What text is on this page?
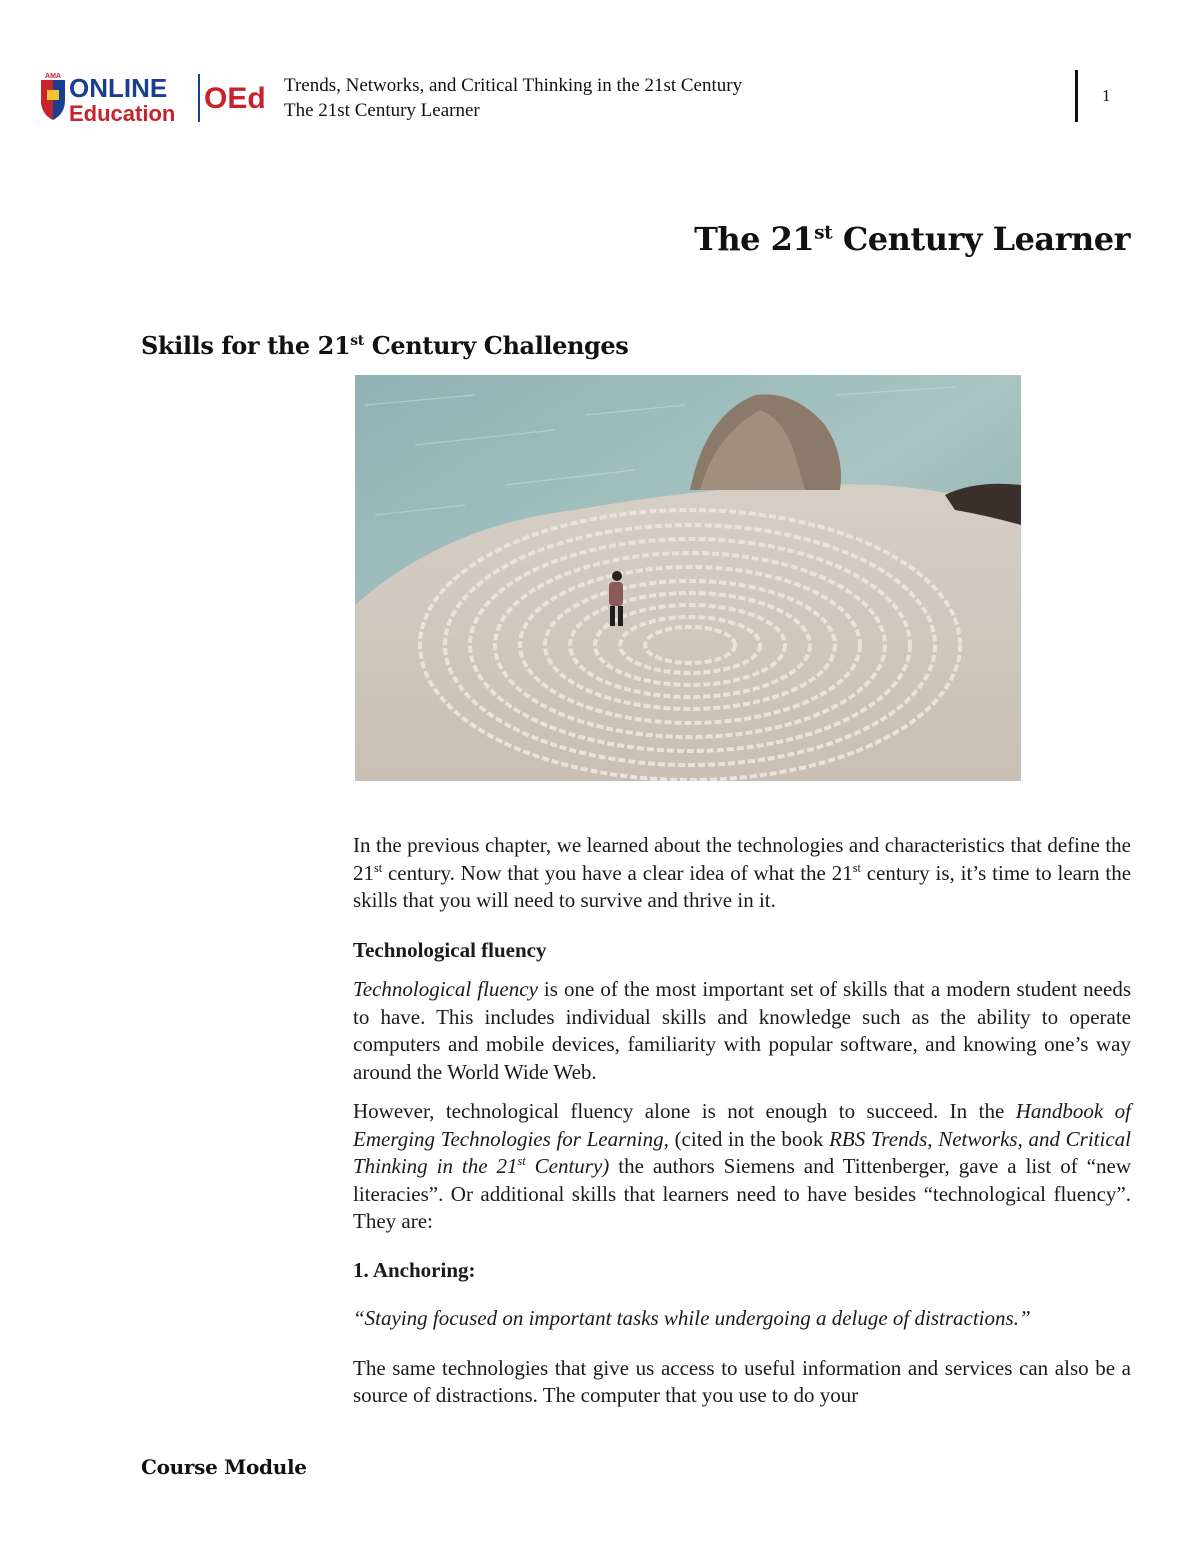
AMA ONLINE
Education OEd Trends, Networks, and Critical Thinking in the 21st Century
The 21st Century Learner
1
The 21st Century Learner
Skills for the 21st Century Challenges

In the previous chapter, we learned about the technologies and characteristics that define the 21st century. Now that you have a clear idea of what the 21st century is, it’s time to learn the skills that you will need to survive and thrive in it.

Technological fluency

Technological fluency is one of the most important set of skills that a modern student needs to have. This includes individual skills and knowledge such as the ability to operate computers and mobile devices, familiarity with popular software, and knowing one’s way around the World Wide Web.

However, technological fluency alone is not enough to succeed. In the Handbook of Emerging Technologies for Learning, (cited in the book RBS Trends, Networks, and Critical Thinking in the 21st Century) the authors Siemens and Tittenberger, gave a list of “new literacies”. Or additional skills that learners need to have besides “technological fluency”. They are:

1. Anchoring:

“Staying focused on important tasks while undergoing a deluge of distractions.”

The same technologies that give us access to useful information and services can also be a source of distractions. The computer that you use to do your

Course Module
